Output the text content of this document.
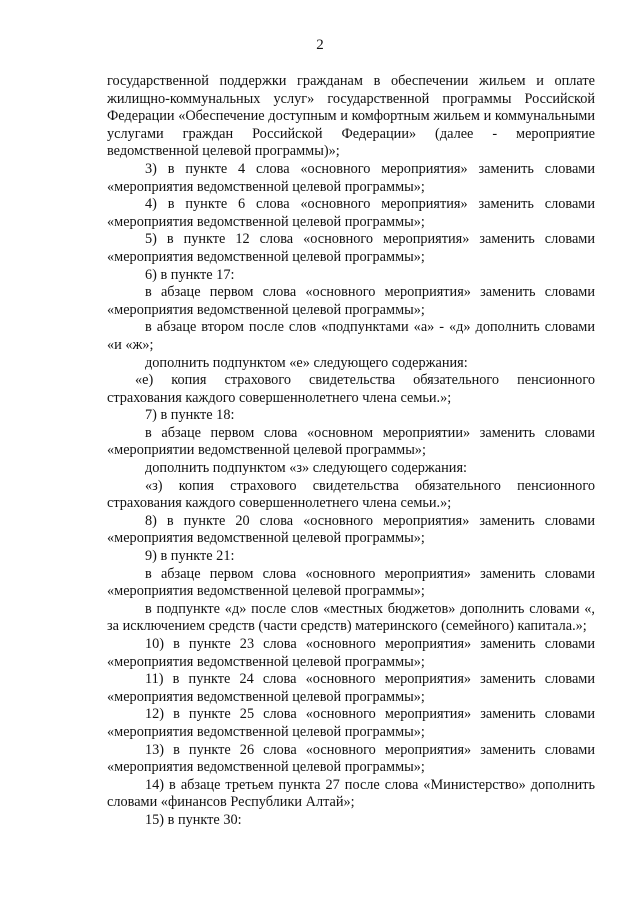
2

государственной поддержки гражданам в обеспечении жильем и оплате жилищно-коммунальных услуг» государственной программы Российской Федерации «Обеспечение доступным и комфортным жильем и коммунальными услугами граждан Российской Федерации» (далее - мероприятие ведомственной целевой программы)»;

3) в пункте 4 слова «основного мероприятия» заменить словами «мероприятия ведомственной целевой программы»;

4) в пункте 6 слова «основного мероприятия» заменить словами «мероприятия ведомственной целевой программы»;

5) в пункте 12 слова «основного мероприятия» заменить словами «мероприятия ведомственной целевой программы»;

6) в пункте 17:

в абзаце первом слова «основного мероприятия» заменить словами «мероприятия ведомственной целевой программы»;

в абзаце втором после слов «подпунктами «а» - «д» дополнить словами «и «ж»;

дополнить подпунктом «е» следующего содержания:

«е) копия страхового свидетельства обязательного пенсионного страхования каждого совершеннолетнего члена семьи.»;

7) в пункте 18:

в абзаце первом слова «основном мероприятии» заменить словами «мероприятии ведомственной целевой программы»;

дополнить подпунктом «з» следующего содержания:

«з) копия страхового свидетельства обязательного пенсионного страхования каждого совершеннолетнего члена семьи.»;

8) в пункте 20 слова «основного мероприятия» заменить словами «мероприятия ведомственной целевой программы»;

9) в пункте 21:

в абзаце первом слова «основного мероприятия» заменить словами «мероприятия ведомственной целевой программы»;

в подпункте «д» после слов «местных бюджетов» дополнить словами «, за исключением средств (части средств) материнского (семейного) капитала.»;

10) в пункте 23 слова «основного мероприятия» заменить словами «мероприятия ведомственной целевой программы»;

11) в пункте 24 слова «основного мероприятия» заменить словами «мероприятия ведомственной целевой программы»;

12) в пункте 25 слова «основного мероприятия» заменить словами «мероприятия ведомственной целевой программы»;

13) в пункте 26 слова «основного мероприятия» заменить словами «мероприятия ведомственной целевой программы»;

14) в абзаце третьем пункта 27 после слова «Министерство» дополнить словами «финансов Республики Алтай»;

15) в пункте 30:
